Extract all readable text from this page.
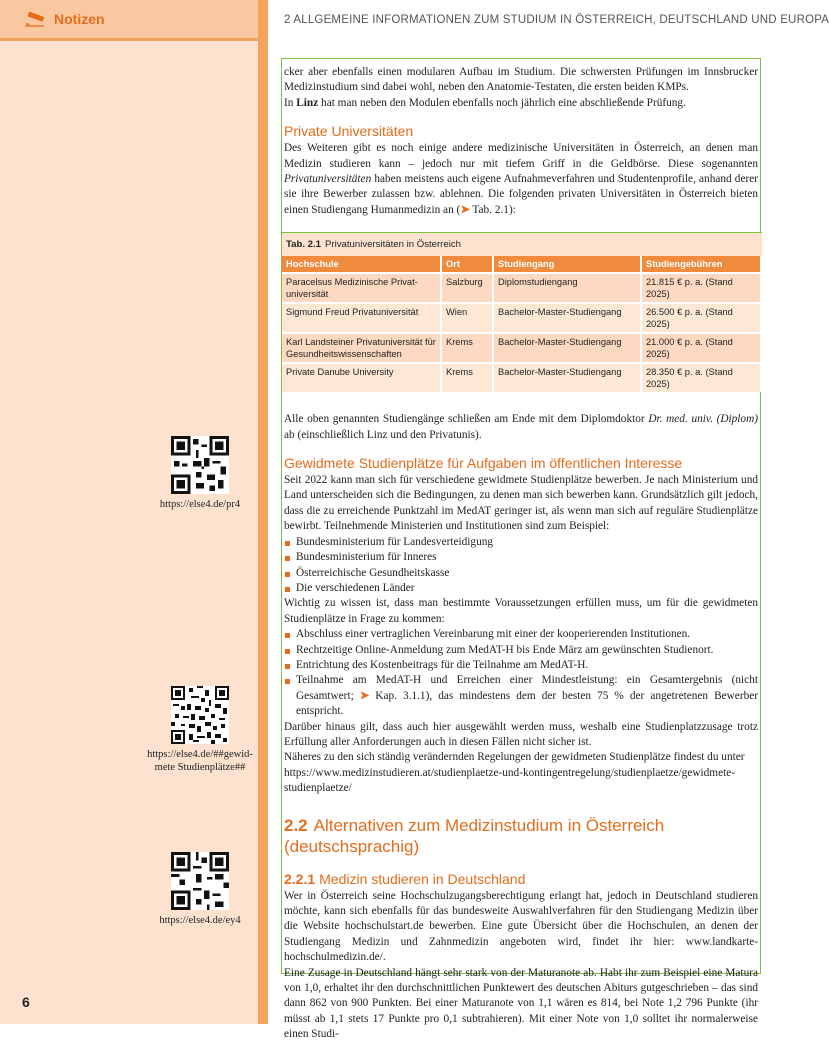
Notizen
https://else4.de/pr4
https://else4.de/##gewid-mete Studienplätze##
https://else4.de/ey4
6
2 ALLGEMEINE INFORMATIONEN ZUM STUDIUM IN ÖSTERREICH, DEUTSCHLAND UND EUROPA

cker aber ebenfalls einen modularen Aufbau im Studium. Die schwersten Prüfungen im Innsbrucker Medizinstudium sind dabei wohl, neben den Anatomie-Testaten, die ersten beiden KMPs.

In Linz hat man neben den Modulen ebenfalls noch jährlich eine abschließende Prüfung.

Private Universitäten

Des Weiteren gibt es noch einige andere medizinische Universitäten in Österreich, an denen man Medizin studieren kann – jedoch nur mit tiefem Griff in die Geldbörse. Diese sogenannten Privatuniversitäten haben meistens auch eigene Aufnahmeverfahren und Studentenprofile, anhand derer sie ihre Bewerber zulassen bzw. ablehnen. Die folgenden privaten Universitäten in Österreich bieten einen Studiengang Humanmedizin an (➤ Tab. 2.1):

Tab. 2.1 Privatuniversitäten in Österreich
Hochschule	Ort	Studiengang	Studiengebühren
Paracelsus Medizinische Privat-universität	Salzburg	Diplomstudiengang	21.815 € p. a. (Stand 2025)
Sigmund Freud Privatuniversität	Wien	Bachelor-Master-Studiengang	26.500 € p. a. (Stand 2025)
Karl Landsteiner Privatuniversität für Gesundheitswissenschaften	Krems	Bachelor-Master-Studiengang	21.000 € p. a. (Stand 2025)
Private Danube University	Krems	Bachelor-Master-Studiengang	28.350 € p. a. (Stand 2025)

Alle oben genannten Studiengänge schließen am Ende mit dem Diplomdoktor Dr. med. univ. (Diplom) ab (einschließlich Linz und den Privatunis).

Gewidmete Studienplätze für Aufgaben im öffentlichen Interesse

Seit 2022 kann man sich für verschiedene gewidmete Studienplätze bewerben. Je nach Ministerium und Land unterscheiden sich die Bedingungen, zu denen man sich bewerben kann. Grundsätzlich gilt jedoch, dass die zu erreichende Punktzahl im MedAT geringer ist, als wenn man sich auf reguläre Studienplätze bewirbt. Teilnehmende Ministerien und Institutionen sind zum Beispiel:

Bundesministerium für Landesverteidigung
Bundesministerium für Inneres
Österreichische Gesundheitskasse
Die verschiedenen Länder

Wichtig zu wissen ist, dass man bestimmte Voraussetzungen erfüllen muss, um für die gewidmeten Studienplätze in Frage zu kommen:

Abschluss einer vertraglichen Vereinbarung mit einer der kooperierenden Institutionen.
Rechtzeitige Online-Anmeldung zum MedAT-H bis Ende März am gewünschten Studienort.
Entrichtung des Kostenbeitrags für die Teilnahme am MedAT-H.
Teilnahme am MedAT-H und Erreichen einer Mindestleistung: ein Gesamtergebnis (nicht Gesamtwert; ➤ Kap. 3.1.1), das mindestens dem der besten 75 % der angetretenen Bewerber entspricht.

Darüber hinaus gilt, dass auch hier ausgewählt werden muss, weshalb eine Studienplatzzusage trotz Erfüllung aller Anforderungen auch in diesen Fällen nicht sicher ist.

Näheres zu den sich ständig verändernden Regelungen der gewidmeten Studienplätze findest du unter https://www.medizinstudieren.at/studienplaetze-und-kontingentregelung/studienplaetze/gewidmete-studienplaetze/

2.2 Alternativen zum Medizinstudium in Österreich (deutschsprachig)
2.2.1 Medizin studieren in Deutschland

Wer in Österreich seine Hochschulzugangsberechtigung erlangt hat, jedoch in Deutschland studieren möchte, kann sich ebenfalls für das bundesweite Auswahlverfahren für den Studiengang Medizin über die Website hochschulstart.de bewerben. Eine gute Übersicht über die Hochschulen, an denen der Studiengang Medizin und Zahnmedizin angeboten wird, findet ihr hier: www.landkarte-hochschulmedizin.de/.

Eine Zusage in Deutschland hängt sehr stark von der Maturanote ab. Habt ihr zum Beispiel eine Matura von 1,0, erhaltet ihr den durchschnittlichen Punktewert des deutschen Abiturs gutgeschrieben – das sind dann 862 von 900 Punkten. Bei einer Maturanote von 1,1 wären es 814, bei Note 1,2 796 Punkte (ihr müsst ab 1,1 stets 17 Punkte pro 0,1 subtrahieren). Mit einer Note von 1,0 solltet ihr normalerweise einen Studi-
